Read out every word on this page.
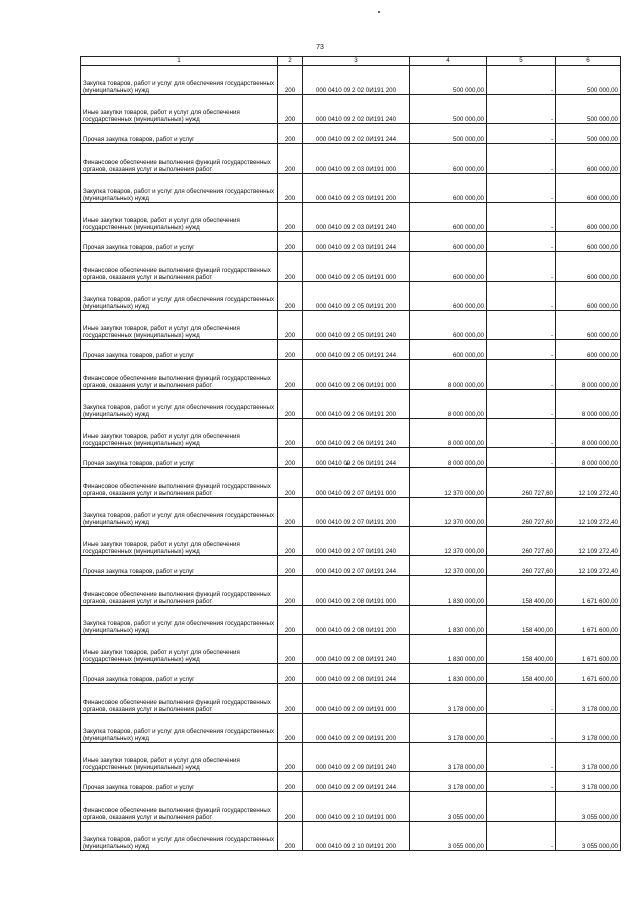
73
1	2	3	4	5	6
Закупка товаров, работ и услуг для обеспечения государственных (муниципальных) нужд	200	000 0410 09 2 02 0И191 200	500 000,00	-	500 000,00
Иные закупки товаров, работ и услуг для обеспечения государственных (муниципальных) нужд	200	000 0410 09 2 02 0И191 240	500 000,00	-	500 000,00
Прочая закупка товаров, работ и услуг	200	000 0410 09 2 02 0И191 244	500 000,00	-	500 000,00
Финансовое обеспечение выполнения функций государственных органов, оказания услуг и выполнения работ	200	000 0410 09 2 03 0И191 000	600 000,00	-	600 000,00
Закупка товаров, работ и услуг для обеспечения государственных (муниципальных) нужд	200	000 0410 09 2 03 0И191 200	600 000,00	-	600 000,00
Иные закупки товаров, работ и услуг для обеспечения государственных (муниципальных) нужд	200	000 0410 09 2 03 0И191 240	600 000,00	-	600 000,00
Прочая закупка товаров, работ и услуг	200	000 0410 09 2 03 0И191 244	600 000,00	-	600 000,00
Финансовое обеспечение выполнения функций государственных органов, оказания услуг и выполнения работ	200	000 0410 09 2 05 0И191 000	600 000,00	-	600 000,00
Закупка товаров, работ и услуг для обеспечения государственных (муниципальных) нужд	200	000 0410 09 2 05 0И191 200	600 000,00	-	600 000,00
Иные закупки товаров, работ и услуг для обеспечения государственных (муниципальных) нужд	200	000 0410 09 2 05 0И191 240	600 000,00	-	600 000,00
Прочая закупка товаров, работ и услуг	200	000 0410 09 2 05 0И191 244	600 000,00	-	600 000,00
Финансовое обеспечение выполнения функций государственных органов, оказания услуг и выполнения работ	200	000 0410 09 2 06 0И191 000	8 000 000,00	-	8 000 000,00
Закупка товаров, работ и услуг для обеспечения государственных (муниципальных) нужд	200	000 0410 09 2 06 0И191 200	8 000 000,00	-	8 000 000,00
Иные закупки товаров, работ и услуг для обеспечения государственных (муниципальных) нужд	200	000 0410 09 2 06 0И191 240	8 000 000,00	-	8 000 000,00
Прочая закупка товаров, работ и услуг	200	000 0410 09 2 06 0И191 244	8 000 000,00	-	8 000 000,00
Финансовое обеспечение выполнения функций государственных органов, оказания услуг и выполнения работ	200	000 0410 09 2 07 0И191 000	12 370 000,00	260 727,60	12 109 272,40
Закупка товаров, работ и услуг для обеспечения государственных (муниципальных) нужд	200	000 0410 09 2 07 0И191 200	12 370 000,00	260 727,60	12 109 272,40
Иные закупки товаров, работ и услуг для обеспечения государственных (муниципальных) нужд	200	000 0410 09 2 07 0И191 240	12 370 000,00	260 727,60	12 109 272,40
Прочая закупка товаров, работ и услуг	200	000 0410 09 2 07 0И191 244	12 370 000,00	260 727,60	12 109 272,40
Финансовое обеспечение выполнения функций государственных органов, оказания услуг и выполнения работ	200	000 0410 09 2 08 0И191 000	1 830 000,00	158 400,00	1 671 600,00
Закупка товаров, работ и услуг для обеспечения государственных (муниципальных) нужд	200	000 0410 09 2 08 0И191 200	1 830 000,00	158 400,00	1 671 600,00
Иные закупки товаров, работ и услуг для обеспечения государственных (муниципальных) нужд	200	000 0410 09 2 08 0И191 240	1 830 000,00	158 400,00	1 671 600,00
Прочая закупка товаров, работ и услуг	200	000 0410 09 2 08 0И191 244	1 830 000,00	158 400,00	1 671 600,00
Финансовое обеспечение выполнения функций государственных органов, оказания услуг и выполнения работ	200	000 0410 09 2 09 0И191 000	3 178 000,00	-	3 178 000,00
Закупка товаров, работ и услуг для обеспечения государственных (муниципальных) нужд	200	000 0410 09 2 09 0И191 200	3 178 000,00	-	3 178 000,00
Иные закупки товаров, работ и услуг для обеспечения государственных (муниципальных) нужд	200	000 0410 09 2 09 0И191 240	3 178 000,00	-	3 178 000,00
Прочая закупка товаров. работ и услуг	200	000 0410 09 2 09 0И191 244	3 178 000,00	-	3 178 000,00
Финансовое обеспечение выполнения функций государственных органов, оказания услуг и выполнения работ	200	000 0410 09 2 10 0И191 000	3 055 000,00		3 055 000,00
Закупка товаров, работ и услуг для обеспечения государственных (муниципальных) нужд	200	000 0410 09 2 10 0И191 200	3 055 000,00	-	3 055 000,00
